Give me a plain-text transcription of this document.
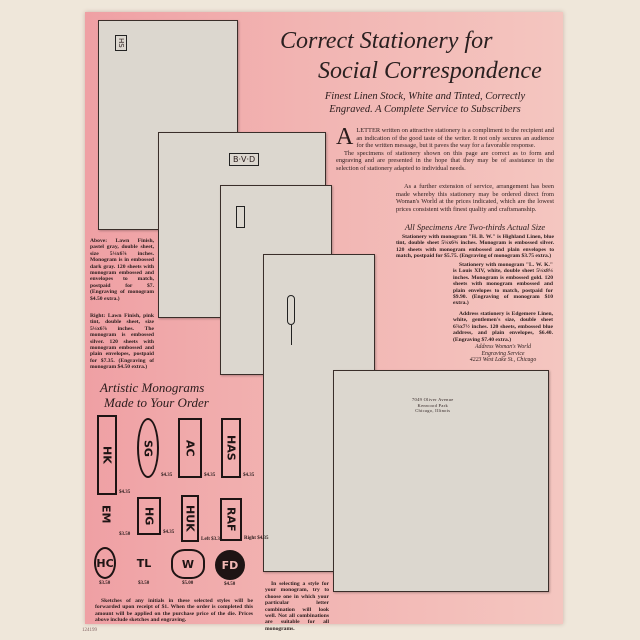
HS
B·V·D
7049 Oliver Avenue
Kenwood Park
Chicago, Illinois
Correct Stationery for
Social Correspondence
Finest Linen Stock, White and Tinted, Correctly Engraved. A Complete Service to Subscribers

ALETTER written on attractive stationery is a compliment to the recipient and an indication of the good taste of the writer. It not only secures an audience for the written message, but it paves the way for a favorable response.

The specimens of stationery shown on this page are correct as to form and engraving and are presented in the hope that they may be of assistance in the selection of stationery adapted to individual needs.

As a further extension of service, arrangement has been made whereby this stationery may be ordered direct from Woman's World at the prices indicated, which are the lowest prices consistent with finest quality and craftsmanship.
All Specimens Are Two-thirds Actual Size
Stationery with monogram "H. B. W." is Highland Linen, blue tint, double sheet 5¼x6¾ inches. Monogram is embossed silver. 120 sheets with monogram embossed and plain envelopes to match, postpaid for $5.75. (Engraving of monogram $3.75 extra.)
Stationery with monogram "L. W. K." is Louis XIV, white, double sheet 5¼x8¼ inches. Monogram is embossed gold. 120 sheets with monogram embossed and plain envelopes to match, postpaid for $9.90. (Engraving of monogram $10 extra.)
Address stationery is Edgemere Linen, white, gentlemen's size, double sheet 6⅞x7½ inches. 120 sheets, embossed blue address, and plain envelopes, $6.40. (Engraving $7.40 extra.)
Address Woman's World
Engraving Service
4223 West Lake St., Chicago
Above: Lawn Finish, pastel gray, double sheet, size 5¼x6⅞ inches. Monogram is in embossed dark gray. 120 sheets with monogram embossed and envelopes to match, postpaid for $7. (Engraving of monogram $4.50 extra.)
Right: Lawn Finish, pink tint, double sheet, size 5¼x6⅞ inches. The monogram is embossed silver. 120 sheets with monogram embossed and plain envelopes, postpaid for $7.35. (Engraving of monogram $4.50 extra.)
Artistic Monograms
Made to Your Order
HK
$4.35
SG
$4.35
AC
$4.35
HAS
$4.35
EM
$3.50
HG
$4.35
HUK
Left $3.35
RAF
Right $4.35
HC
$3.50
TL
$3.50
W
$5.00
FD
$4.50
Sketches of any initials in these selected styles will be forwarded upon receipt of $1. When the order is completed this amount will be applied on the purchase price of the die. Prices above include sketches and engraving.
In selecting a style for your monogram, try to choose one in which your particular letter combination will look well. Not all combinations are suitable for all monograms.
124199
